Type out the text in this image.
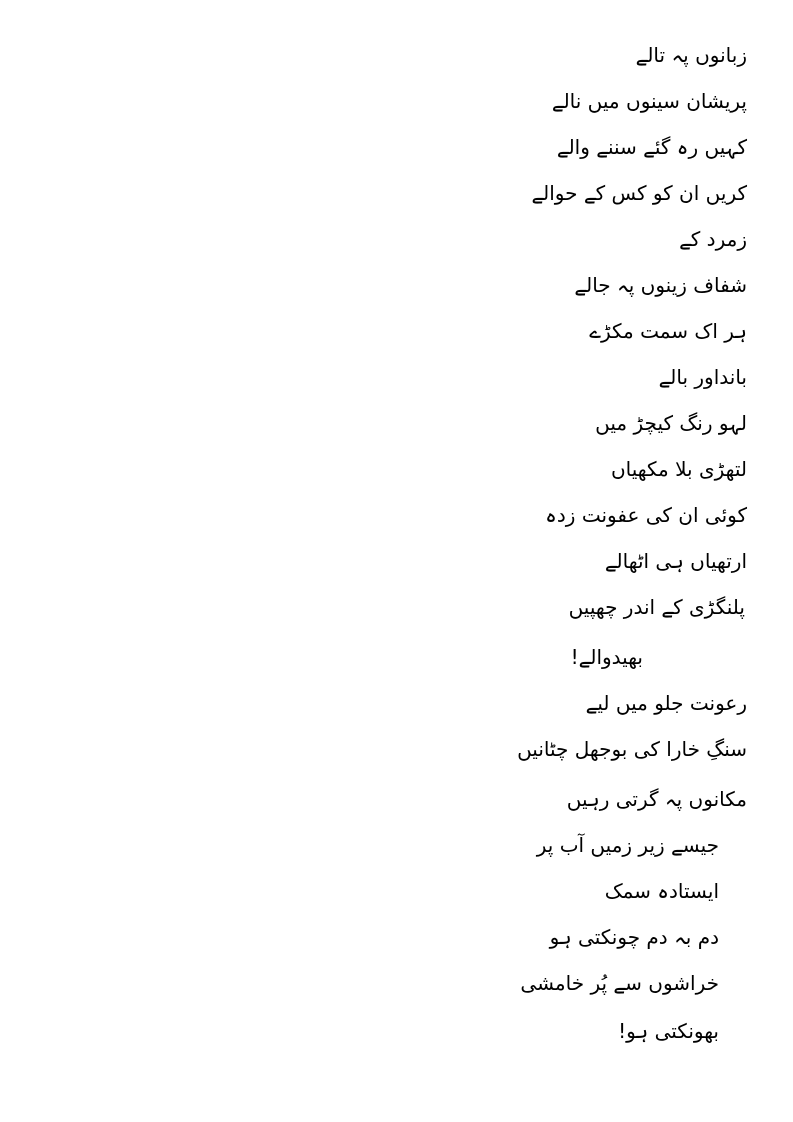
زبانوں پہ تالے
پریشان سینوں میں نالے
کہیں رہ گئے سننے والے
کریں ان کو کس کے حوالے
زمرد کے
شفاف زینوں پہ جالے
ہر اک سمت مکڑے
بانداور بالے
لہو رنگ کیچڑ میں
لتھڑی بلا مکھیاں
کوئی ان کی عفونت زدہ
ارتھیاں ہی اٹھالے
پلنگڑی کے اندر چھپیں
بھیدوالے!
رعونت جلو میں لیے
سنگِ خارا کی بوجھل چٹانیں
مکانوں پہ گرتی رہیں
جیسے زیر زمیں آب پر
ایستادہ سمک
دم بہ دم چونکتی ہو
خراشوں سے پُر خامشی
بھونکتی ہو!
